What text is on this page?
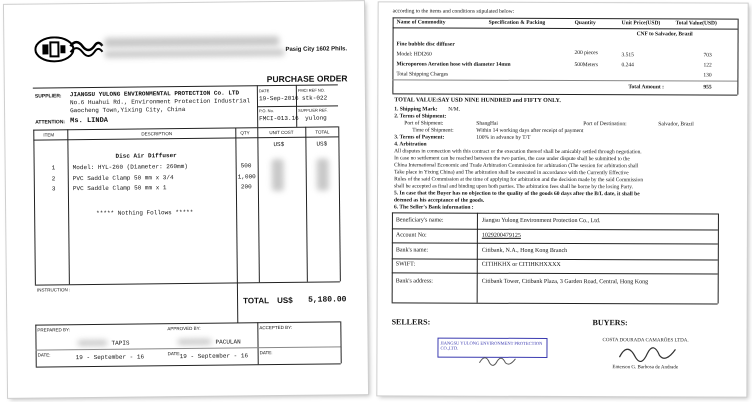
Pasig City 1602 Phils.
PURCHASE ORDER
SUPPLIER: JIANGSU YULONG ENVIRONMENTAL PROTECTION Co. LTD
No.6 Huahui Rd., Environment Protection Industrial
Gaocheng Town,Yixing City, China
ATTENTION: Ms. LINDA
DATE
19-Sep-2016
FMCI REF NO.
stk-022
P.O. No.
FMCI-013.16
SUPPLIER REF.
yulong
ITEM	DESCRIPTION	QTY	UNIT COST	TOTAL
US$	US$
Disc Air Diffuser
1	Model: HYL-260 (Diameter: 260mm)	500
2	PVC Saddle Clamp 50 mm x 3/4	1,000
3	PVC Saddle Clamp 50 mm x 1	200
***** Nothing Follows *****
INSTRUCTION :
TOTAL US$ 5,180.00
PREPARED BY:	APPROVED BY:	ACCEPTED BY:
TAPIS	PACULAN
DATE:	19 - September - 16	DATE: 19 - September - 16	DATE:
according to the items and conditions stipulated below:
Name of Commodity	Specification & Packing	Quantity	Unit Price(USD)	Total Value(USD)
CNF to Salvador, Brazil
Fine bubble disc diffuser
Model: HDI260	200 pieces	3.515	703
Microporous Aeration hose with diameter 14mm	500Meters	0.244	122
Total Shipping Charges	130
Total Amount :	955
TOTAL VALUE:SAY USD NINE HUNDRED and FIFTY ONLY.
1. Shipping Mark: N/M.
2. Terms of Shipment:
Port of Shipment:	ShangHai	Port of Destination:	Salvador, Brazil
Time of Shipment:	Within 14 working days after receipt of payment
3. Terms of Payment:	100% in advance by T/T
4. Arbitration
All disputes in connection with this contract or the execution thereof shall be amicably settled through negotiation.
In case no settlement can be reached between the two parties, the case under dispute shall be submitted to the
China International Economic and Trade Arbitration Commission for arbitration (The session for arbitration shall
Take place in Yixing China) and The arbitration shall be executed in accordance with the Currently Effective
Rules of the said Commission at the time of applying for arbitration and the decision made by the said Commission
shall be accepted as final and binding upon both parties. The arbitration fees shall be borne by the losing Party.
5. In case that the Buyer has no objection to the quality of the goods 60 days after the B/L date, it shall be
deemed as his acceptance of the goods.
6. The Seller's Bank information :
Beneficiary's name:	Jiangsu Yulong Environment Protection Co., Ltd.
Account No:	1029200479125
Bank's name:	Citibank, N.A., Hong Kong Branch
SWIFT:	CITIHKHX or CITIHKHXXXX
Bank's address:	Citibank Tower, Citibank Plaza, 3 Garden Road, Central, Hong Kong
SELLERS:	BUYERS:
JIANGSU YULONG ENVIRONMENT PROTECTION CO.,LTD.
COSTA DOURADA CAMARÕES LTDA.
Emerson G. Barbosa de Andrade
